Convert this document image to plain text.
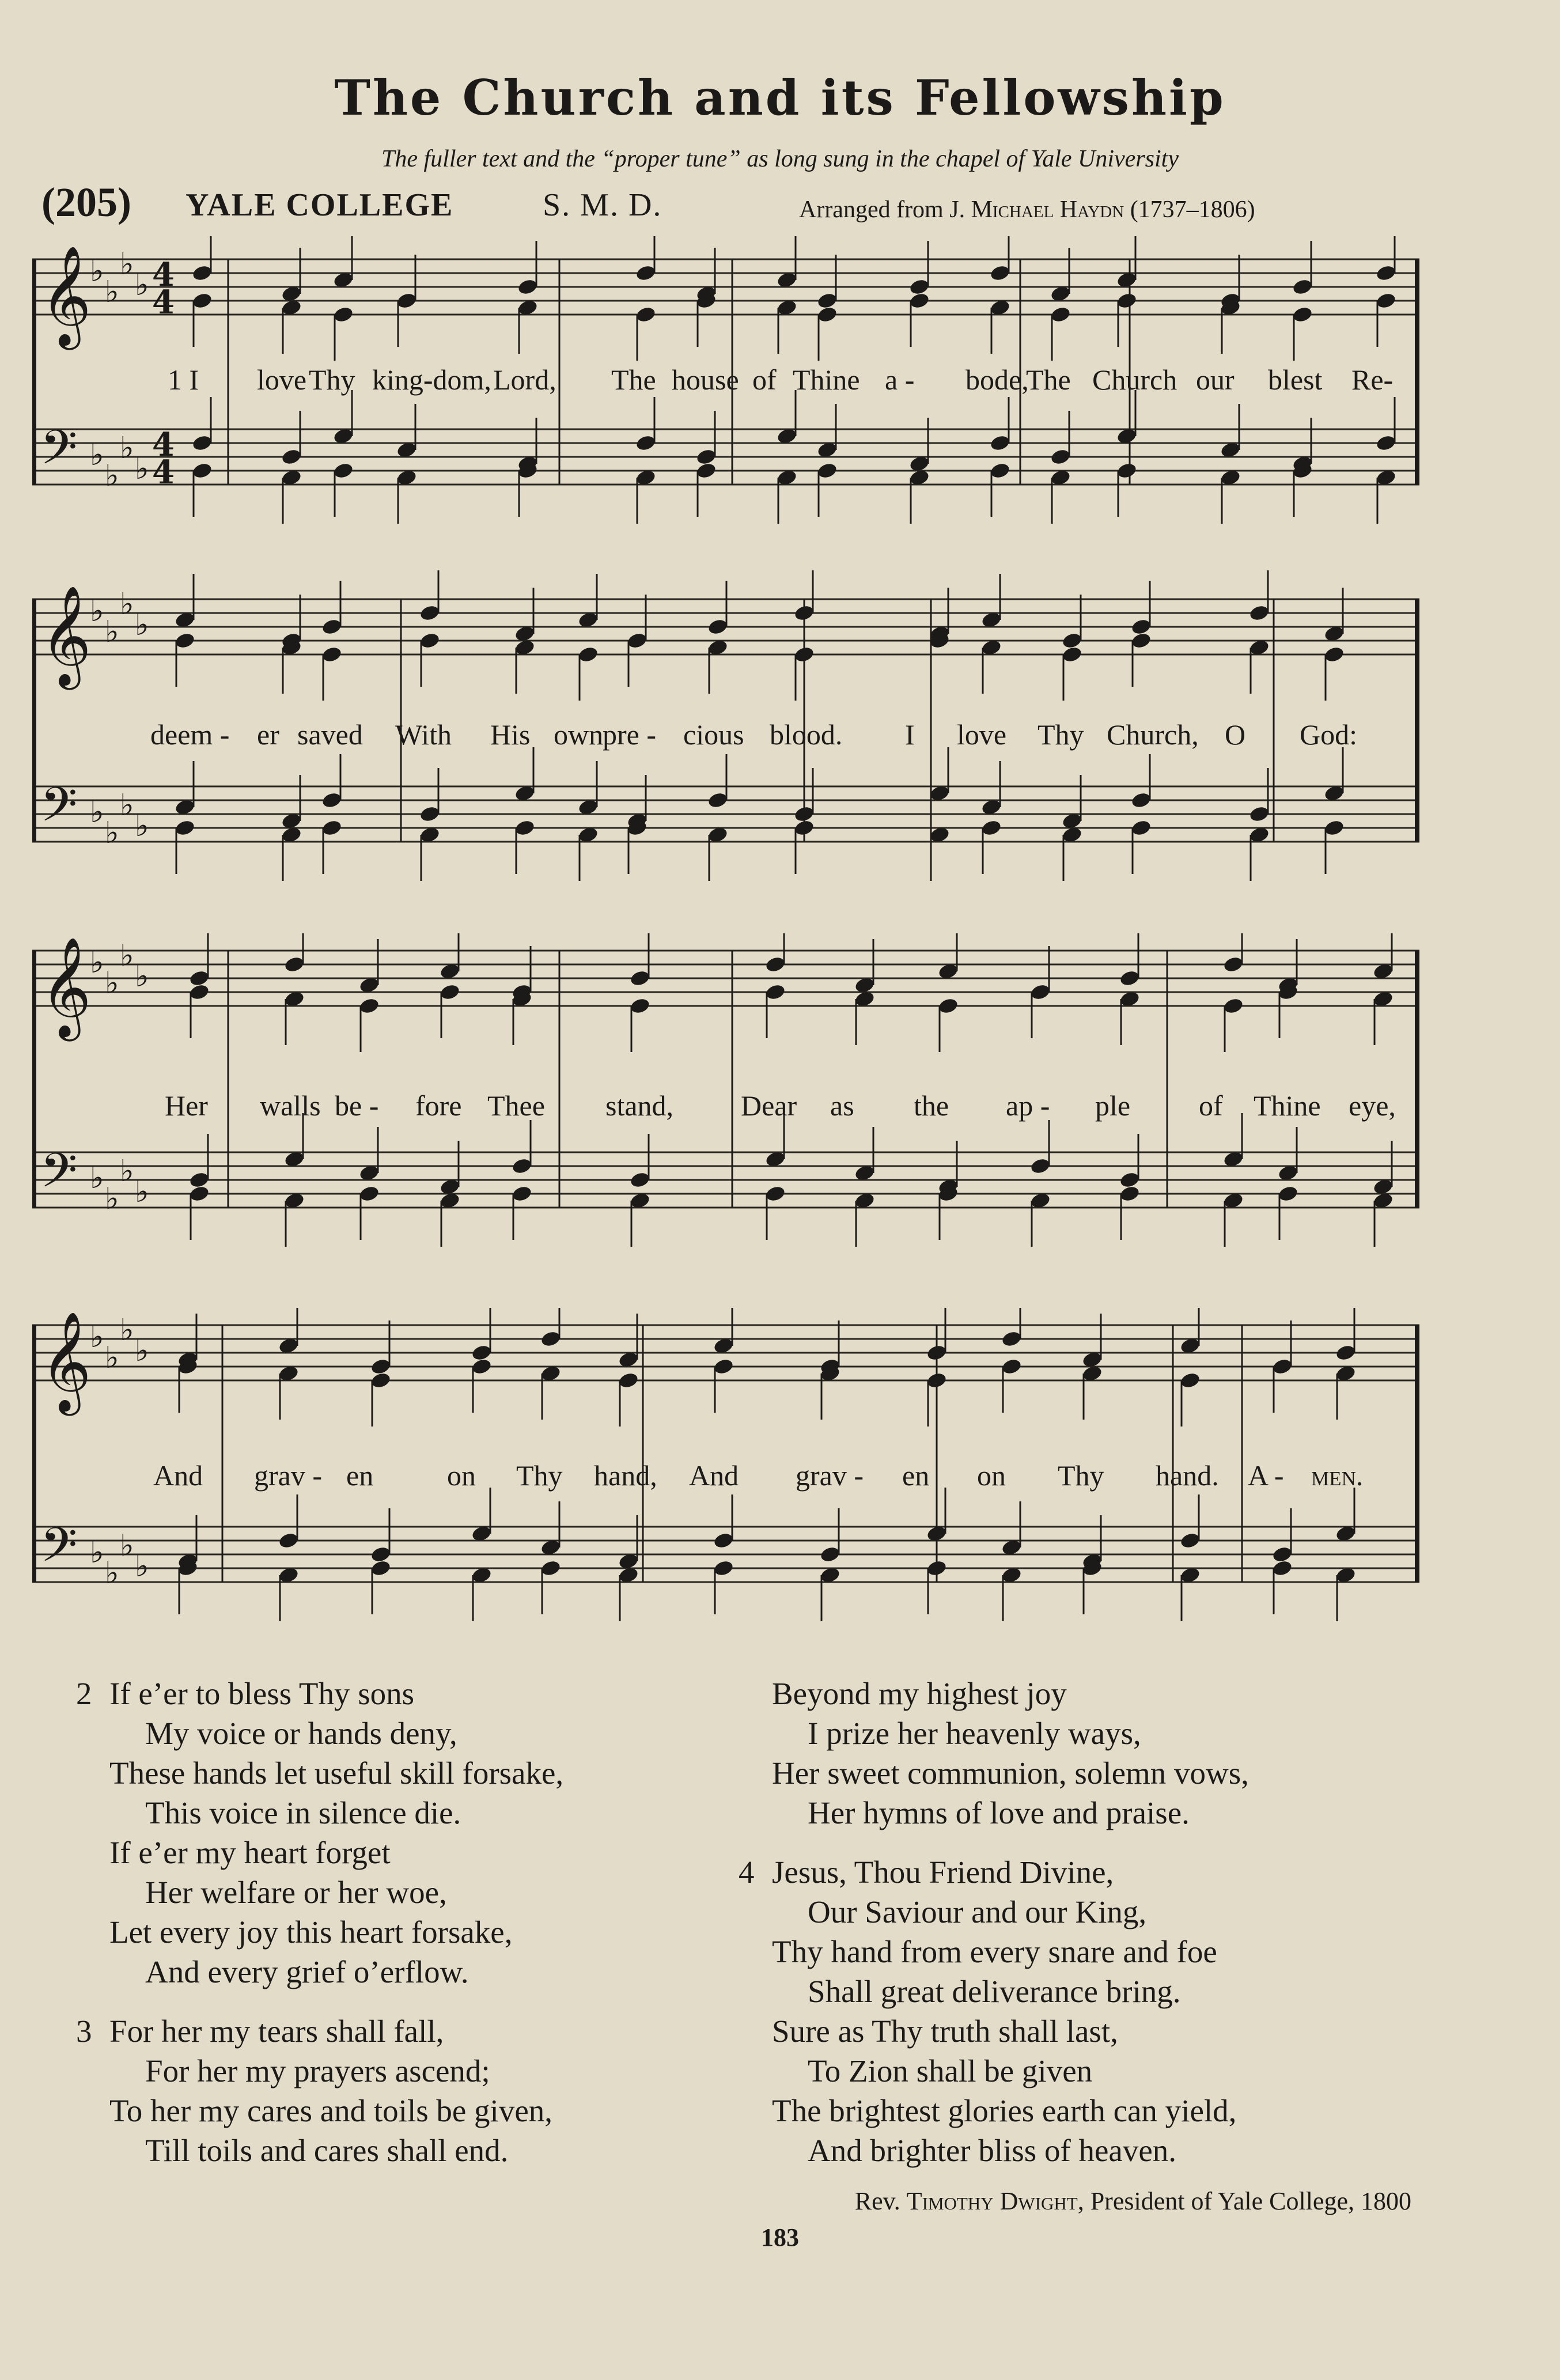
The Church and its Fellowship
The fuller text and the “proper tune” as long sung in the chapel of Yale University
(205) YALE COLLEGE	S. M. D.	Arranged from J. Michael Haydn (1737–1806)
𝄞
♭
♭
♭
♭
𝄢 ♭
♭
♭
♭
4
4
4
4
1 I love Thy king-dom, Lord, The house of Thine a - bode,
The Church our blest Re-
𝄞
♭
♭
♭
♭
𝄢 ♭
♭
♭
♭
deem - er saved With His own
pre - cious blood. I love Thy Church, O God:
𝄞
♭
♭
♭
♭
𝄢 ♭
♭
♭
♭
Her walls be - fore Thee stand, Dear as the ap - ple of Thine eye,
𝄞
♭
♭
♭
♭
𝄢 ♭
♭
♭
♭
And grav - en	on Thy hand, And grav - en on Thy hand. A - men.
2 If e’er to bless Thy sons
My voice or hands deny,
These hands let useful skill forsake,
This voice in silence die.
If e’er my heart forget
Her welfare or her woe,
Let every joy this heart forsake,
And every grief o’erflow.
3 For her my tears shall fall,
For her my prayers ascend;
To her my cares and toils be given,
Till toils and cares shall end.
Beyond my highest joy
I prize her heavenly ways,
Her sweet communion, solemn vows,
Her hymns of love and praise.
4 Jesus, Thou Friend Divine,
Our Saviour and our King,
Thy hand from every snare and foe
Shall great deliverance bring.
Sure as Thy truth shall last,
To Zion shall be given
The brightest glories earth can yield,
And brighter bliss of heaven.
Rev. Timothy Dwight, President of Yale College, 1800
183
